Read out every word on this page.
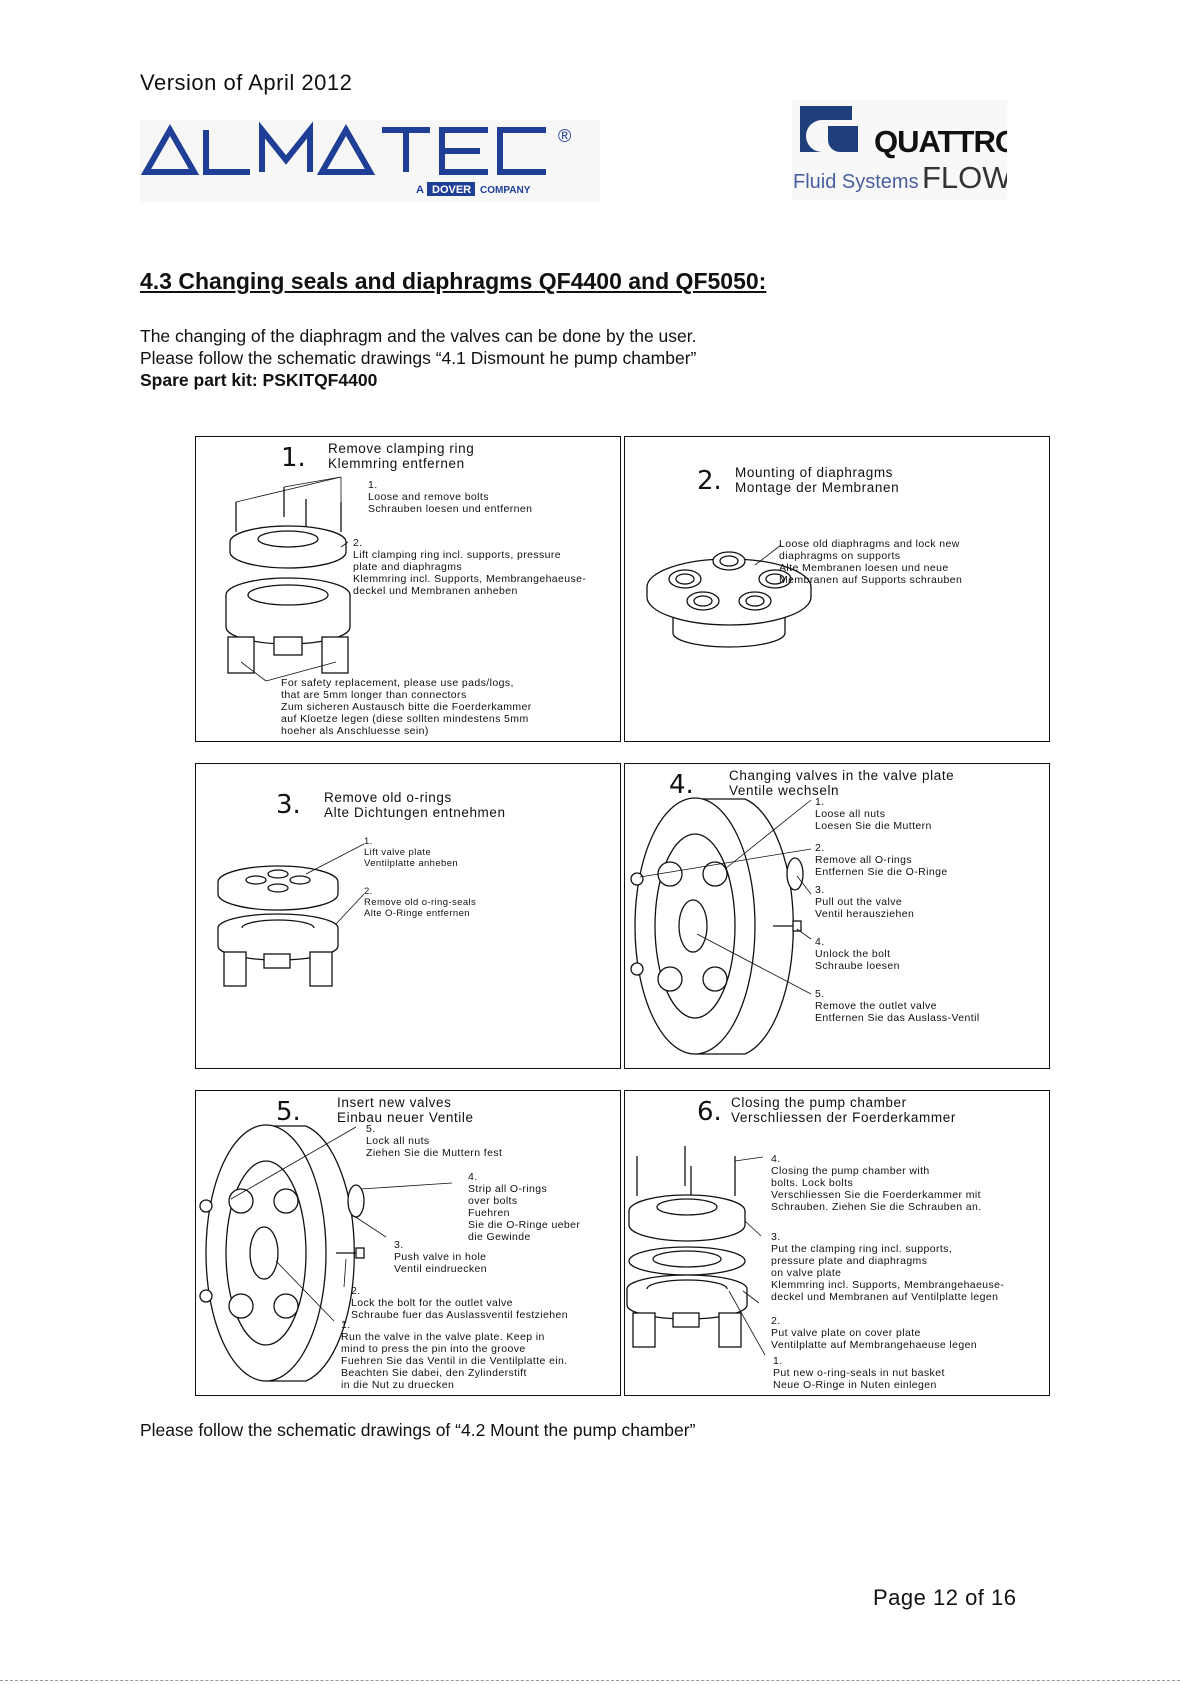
Version of April 2012
®
A DOVER COMPANY
QUATTRO
Fluid Systems FLOW
4.3 Changing seals and diaphragms QF4400 and QF5050:
The changing of the diaphragm and the valves can be done by the user.
Please follow the schematic drawings “4.1 Dismount he pump chamber”
Spare part kit: PSKITQF4400
1. Remove clamping ring
Klemmring entfernen
1.
Loose and remove bolts
Schrauben loesen und entfernen
2.
Lift clamping ring incl. supports, pressure
plate and diaphragms
Klemmring incl. Supports, Membrangehaeuse-
deckel und Membranen anheben
For safety replacement, please use pads/logs,
that are 5mm longer than connectors
Zum sicheren Austausch bitte die Foerderkammer
auf Kloetze legen (diese sollten mindestens 5mm
hoeher als Anschluesse sein)
2. Mounting of diaphragms
Montage der Membranen
Loose old diaphragms and lock new
diaphragms on supports
Alte Membranen loesen und neue
Membranen auf Supports schrauben
3. Remove old o-rings
Alte Dichtungen entnehmen
1.
Lift valve plate
Ventilplatte anheben
2.
Remove old o-ring-seals
Alte O-Ringe entfernen
4.	Changing valves in the valve plate
Ventile wechseln
1.
Loose all nuts
Loesen Sie die Muttern
2.
Remove all O-rings
Entfernen Sie die O-Ringe
3.
Pull out the valve
Ventil herausziehen
4.
Unlock the bolt
Schraube loesen
5.
Remove the outlet valve
Entfernen Sie das Auslass-Ventil
5.	Insert new valves
Einbau neuer Ventile
5.
Lock all nuts
Ziehen Sie die Muttern fest
4.
Strip all O-rings
over bolts
Fuehren
Sie die O-Ringe ueber
die Gewinde
3.
Push valve in hole
Ventil eindruecken
2.
Lock the bolt for the outlet valve
Schraube fuer das Auslassventil festziehen
1.
Run the valve in the valve plate. Keep in
mind to press the pin into the groove
Fuehren Sie das Ventil in die Ventilplatte ein.
Beachten Sie dabei, den Zylinderstift
in die Nut zu druecken
6. Closing the pump chamber
Verschliessen der Foerderkammer
4.
Closing the pump chamber with
bolts. Lock bolts
Verschliessen Sie die Foerderkammer mit
Schrauben. Ziehen Sie die Schrauben an.
3.
Put the clamping ring incl. supports,
pressure plate and diaphragms
on valve plate
Klemmring incl. Supports, Membrangehaeuse-
deckel und Membranen auf Ventilplatte legen
2.
Put valve plate on cover plate
Ventilplatte auf Membrangehaeuse legen
1.
Put new o-ring-seals in nut basket
Neue O-Ringe in Nuten einlegen
Please follow the schematic drawings of “4.2 Mount the pump chamber”
Page 12 of 16
